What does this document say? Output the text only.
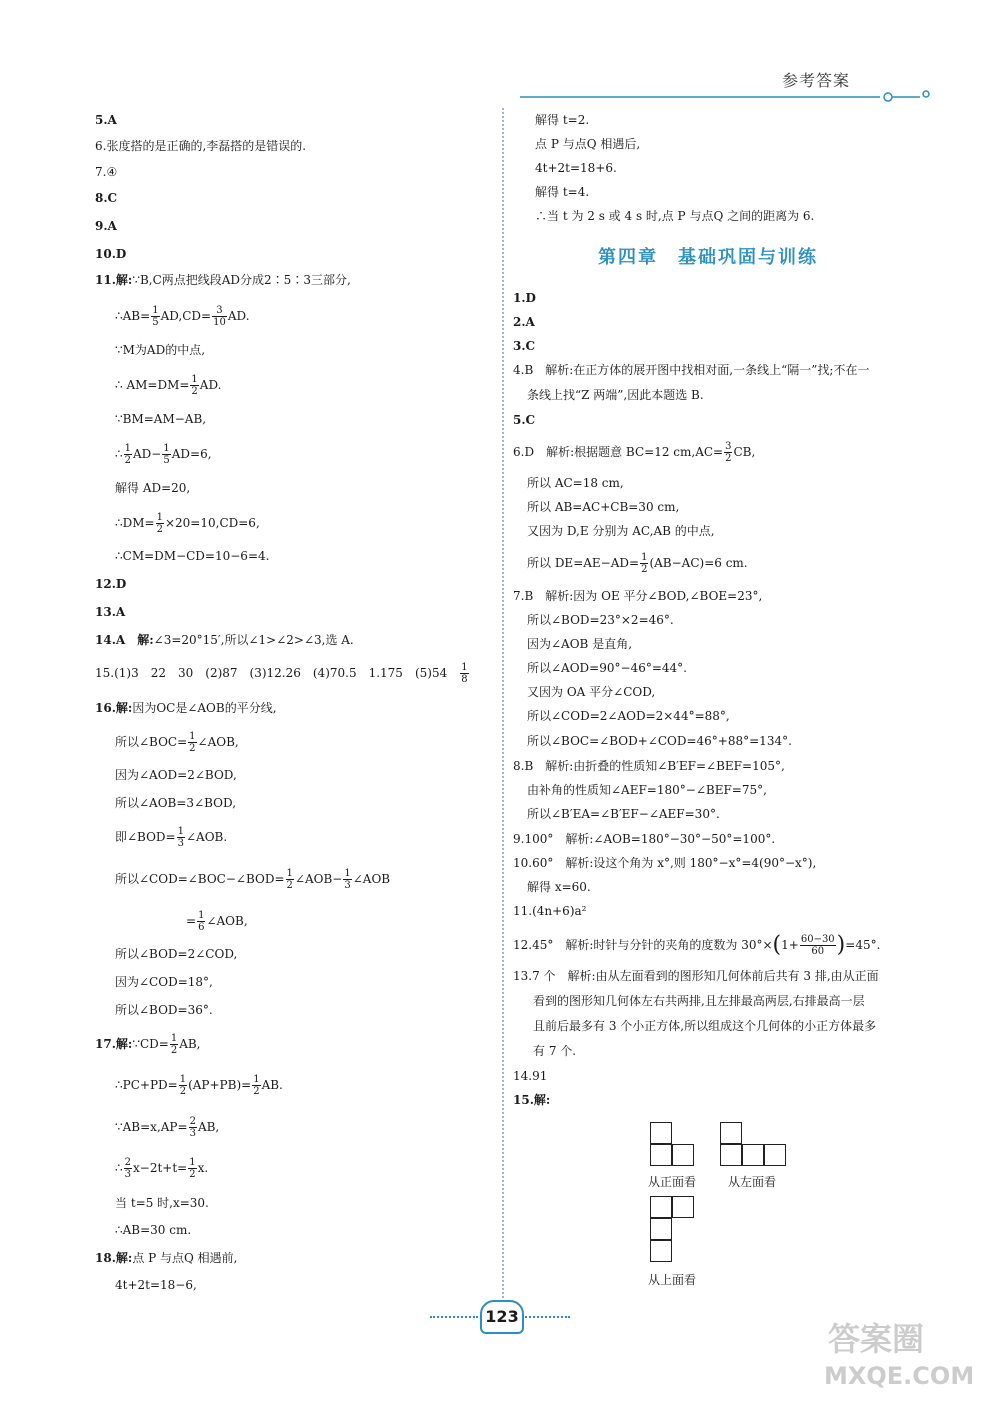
参考答案
5.A
6.张度搭的是正确的,李磊搭的是错误的.
7.④
8.C
9.A
10.D
11.解:∵B,C两点把线段AD分成2∶5∶3三部分,
∴AB= $\frac{1}{5} AD,CD= \frac{3}{10}$ AD.
∵M为AD的中点,
∴ $AM=DM= \frac{1}{2}$ AD.
∵BM=AM−AB,
∴ $\frac{1}{2} AD- \frac{1}{5} AD=6$,
解得 AD=20,
∴DM= $\frac{1}{2} \times 20=10,CD=6$,
∴CM=DM−CD=10−6=4.
12.D
13.A
14.A　 解:∠3=20°15′,所以∠1>∠2>∠3,选 A.
15.(1)3　22　30　(2)87　(3)12.26　(4)70.5　1.175　(5)54　 $\frac{1}{8}$
16.解:因为OC是∠AOB的平分线,
所以∠BOC= $\frac{1}{2}$ ∠AOB,
因为∠AOD=2∠BOD,
所以∠AOB=3∠BOD,
即∠BOD= $\frac{1}{3}$ ∠AOB.
所以∠COD=∠BOC−∠BOD= $\frac{1}{2}$ ∠AOB− $\frac{1}{3}$ ∠AOB
= $\frac{1}{6}$ ∠AOB,
所以∠BOD=2∠COD,
因为∠COD=18°,
所以∠BOD=36°.
17.解:∵CD= $\frac{1}{2}$ AB,
∴PC+PD= $\frac{1}{2} (AP+PB)= \frac{1}{2}$ AB.
∵AB=x,AP= $\frac{2}{3}$ AB,
∴ $\frac{2}{3} x-2t+t= \frac{1}{2} x$.
当 t=5 时,x=30.
∴AB=30 cm.
18.解:点 P 与点Q 相遇前,
4t+2t=18−6,
解得 t=2.
点 P 与点Q 相遇后,
4t+2t=18+6.
解得 t=4.
∴当 t 为 2 s 或 4 s 时,点 P 与点Q 之间的距离为 6.
第四章　基础巩固与训练
1.D
2.A
3.C
4.B　解析:在正方体的展开图中找相对面,一条线上“隔一”找;不在一
条线上找“Z 两端”,因此本题选 B.
5.C
6.D　解析:根据题意 BC=12 $cm,AC= \frac{3}{2}$ CB,
所以 AC=18 cm,
所以 AB=AC+CB=30 cm,
又因为 D,E 分别为 AC,AB 的中点,
所以 $DE=AE-AD= \frac{1}{2} (AB-AC)=6$ cm.
7.B　解析:因为 OE 平分∠BOD,∠BOE=23°,
所以∠BOD=23°×2=46°.
因为∠AOB 是直角,
所以∠AOD=90°−46°=44°.
又因为 OA 平分∠COD,
所以∠COD=2∠AOD=2×44°=88°,
所以∠BOC=∠BOD+∠COD=46°+88°=134°.
8.B　解析:由折叠的性质知∠B′EF=∠BEF=105°,
由补角的性质知∠AEF=180°−∠BEF=75°,
所以∠B′EA=∠B′EF−∠AEF=30°.
9.100°　解析:∠AOB=180°−30°−50°=100°.
10.60°　解析:设这个角为 x°,则 180°−x°=4(90°−x°),
解得 x=60.
11.(4n+6)a²
12.45°　解析:时针与分针的夹角的度数为 $30^\circ\times(1+ \frac{60-30}{60} )=45^\circ$.
13.7 个　解析:由从左面看到的图形知几何体前后共有 3 排,由从正面
看到的图形知几何体左右共两排,且左排最高两层,右排最高一层
且前后最多有 3 个小正方体,所以组成这个几何体的小正方体最多
有 7 个.
14.91
15.解:
从正面看	从左面看
从上面看
123
答案圈
MXQE.COM
